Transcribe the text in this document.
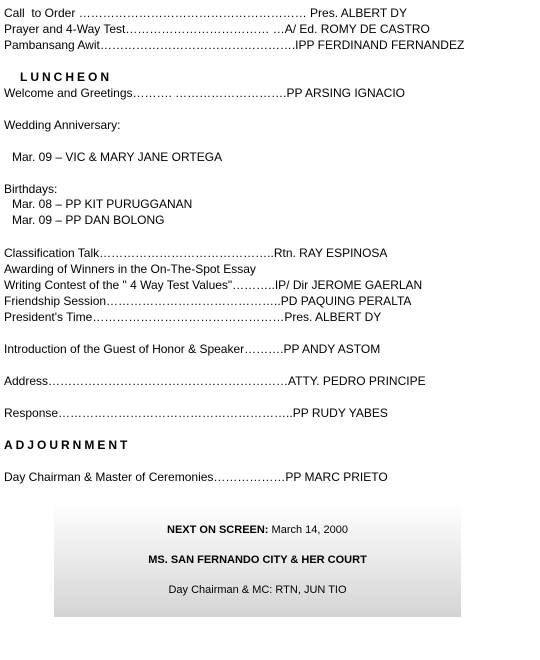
Call  to Order ………………………………………………… Pres. ALBERT DY
Prayer and 4-Way Test……………………………… …A/ Ed. ROMY DE CASTRO
Pambansang Awit………………………………………….IPP FERDINAND FERNANDEZ
LUNCHEON
Welcome and Greetings………. ……………………….PP ARSING IGNACIO
Wedding Anniversary:
Mar. 09 – VIC & MARY JANE ORTEGA
Birthdays:
Mar. 08 – PP KIT PURUGGANAN
Mar. 09 – PP DAN BOLONG
Classification Talk……………………………………..Rtn. RAY ESPINOSA
Awarding of Winners in the On-The-Spot Essay
Writing Contest of the " 4 Way Test Values"………..IP/ Dir JEROME GAERLAN
Friendship Session……………………………………..PD PAQUING PERALTA
President's Time…………………………………………Pres. ALBERT DY
Introduction of the Guest of Honor & Speaker……….PP ANDY ASTOM
Address……………………………………………………ATTY. PEDRO PRINCIPE
Response…………………………………………………..PP RUDY YABES
ADJOURNMENT
Day Chairman & Master of Ceremonies………………PP MARC PRIETO
NEXT ON SCREEN: March 14, 2000
MS. SAN FERNANDO CITY & HER COURT
Day Chairman & MC: RTN, JUN TIO
